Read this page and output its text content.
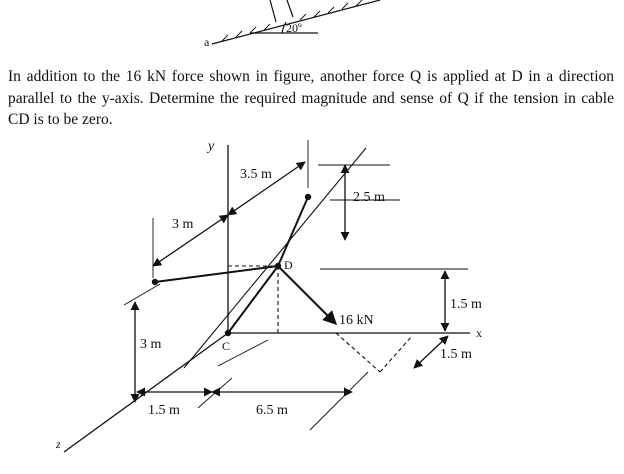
a
20º

In addition to the 16 kN force shown in figure, another force Q is applied at D in a direction parallel to the y-axis. Determine the required magnitude and sense of Q if the tension in cable CD is to be zero.

y
x
z
D
C
3.5 m
2.5 m
3 m
1.5 m
16 kN
1.5 m
3 m
1.5 m	6.5 m
